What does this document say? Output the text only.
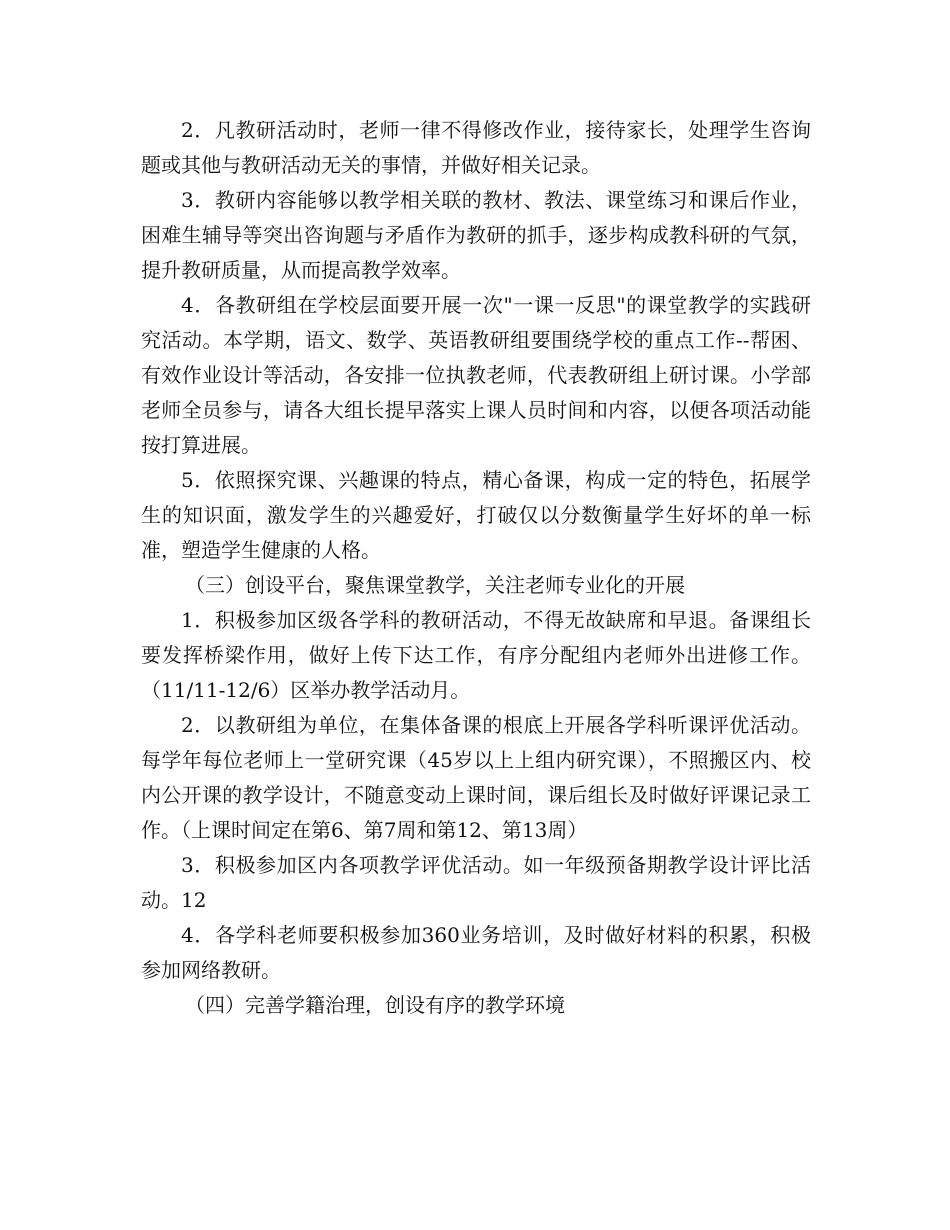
2．凡教研活动时，老师一律不得修改作业，接待家长，处理学生咨询题或其他与教研活动无关的事情，并做好相关记录。

3．教研内容能够以教学相关联的教材、教法、课堂练习和课后作业，困难生辅导等突出咨询题与矛盾作为教研的抓手，逐步构成教科研的气氛，提升教研质量，从而提高教学效率。

4．各教研组在学校层面要开展一次"一课一反思"的课堂教学的实践研究活动。本学期，语文、数学、英语教研组要围绕学校的重点工作--帮困、有效作业设计等活动，各安排一位执教老师，代表教研组上研讨课。小学部老师全员参与，请各大组长提早落实上课人员时间和内容，以便各项活动能按打算进展。

5．依照探究课、兴趣课的特点，精心备课，构成一定的特色，拓展学生的知识面，激发学生的兴趣爱好，打破仅以分数衡量学生好坏的单一标准，塑造学生健康的人格。

（三）创设平台，聚焦课堂教学，关注老师专业化的开展

1．积极参加区级各学科的教研活动，不得无故缺席和早退。备课组长要发挥桥梁作用，做好上传下达工作，有序分配组内老师外出进修工作。（11/11-12/6）区举办教学活动月。

2．以教研组为单位，在集体备课的根底上开展各学科听课评优活动。每学年每位老师上一堂研究课（45岁以上上组内研究课），不照搬区内、校内公开课的教学设计，不随意变动上课时间，课后组长及时做好评课记录工作。（上课时间定在第6、第7周和第12、第13周）

3．积极参加区内各项教学评优活动。如一年级预备期教学设计评比活动。12

4．各学科老师要积极参加360业务培训，及时做好材料的积累，积极参加网络教研。

（四）完善学籍治理，创设有序的教学环境
